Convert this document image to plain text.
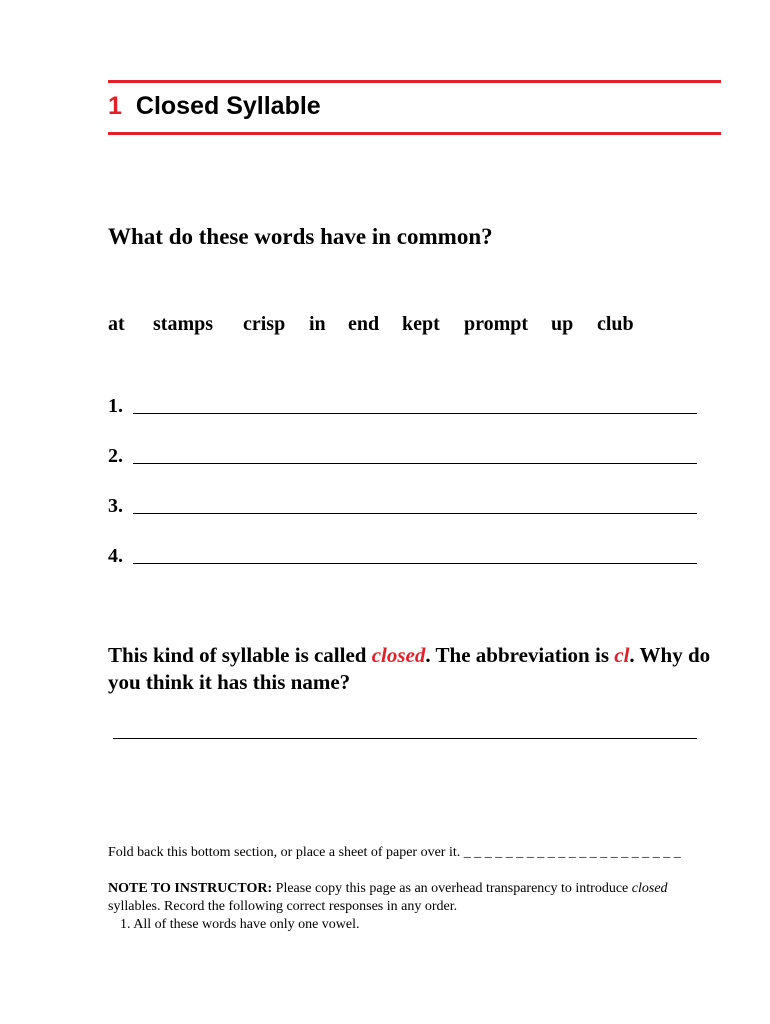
1 Closed Syllable
What do these words have in common?
at stamps crisp in end kept prompt up club
1.
2.
3.
4.
This kind of syllable is called closed. The abbreviation is cl. Why do you think it has this name?
Fold back this bottom section, or place a sheet of paper over it. _ _ _ _ _ _ _ _ _ _ _ _ _ _ _ _ _ _ _ _ _
NOTE TO INSTRUCTOR: Please copy this page as an overhead transparency to introduce closed syllables. Record the following correct responses in any order.
1. All of these words have only one vowel.
